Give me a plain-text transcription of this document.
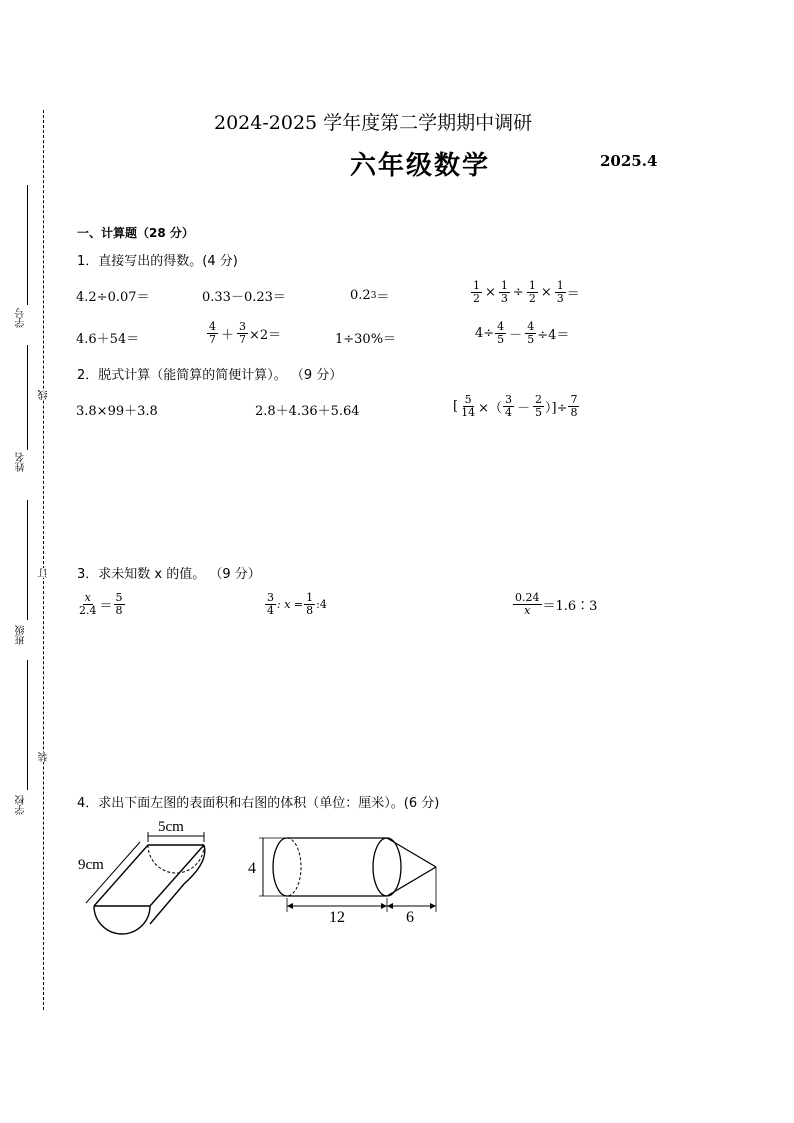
学号
姓名
班级
学校
线
订
装
2024-2025 学年度第二学期期中调研
六年级数学	2025.4
一、计算题（28 分）
1．直接写出的得数。(4 分)
4.2÷0.07＝	0.33－0.23＝	0.2 3 ＝	$\frac{1}{2} \times \frac{1}{3} \div \frac{1}{2} \times \frac{1}{3}$ ＝
4.6＋54＝	$\frac{4}{7} + \frac{3}{7} \times 2=$	1÷30%＝	$4\div \frac{4}{5} - \frac{4}{5} \div 4=$
2．脱式计算（能简算的简便计算）。 （9 分）
3.8×99＋3.8	2.8＋4.36＋5.64	[ $\frac{5}{14}$ ×（ $\frac{3}{4} - \frac{2}{5}$ ）]÷ $\frac{7}{8}$
3．求未知数 x 的值。 （9 分）
$\frac{x}{2.4} = \frac{5}{8}$	$\frac{3}{4}$ : $x = \frac{1}{8}$ :4	$\frac{0.24}{x}$ ＝1.6∶3
4．求出下面左图的表面积和右图的体积（单位：厘米）。(6 分)
5cm
9cm	4
12	6
